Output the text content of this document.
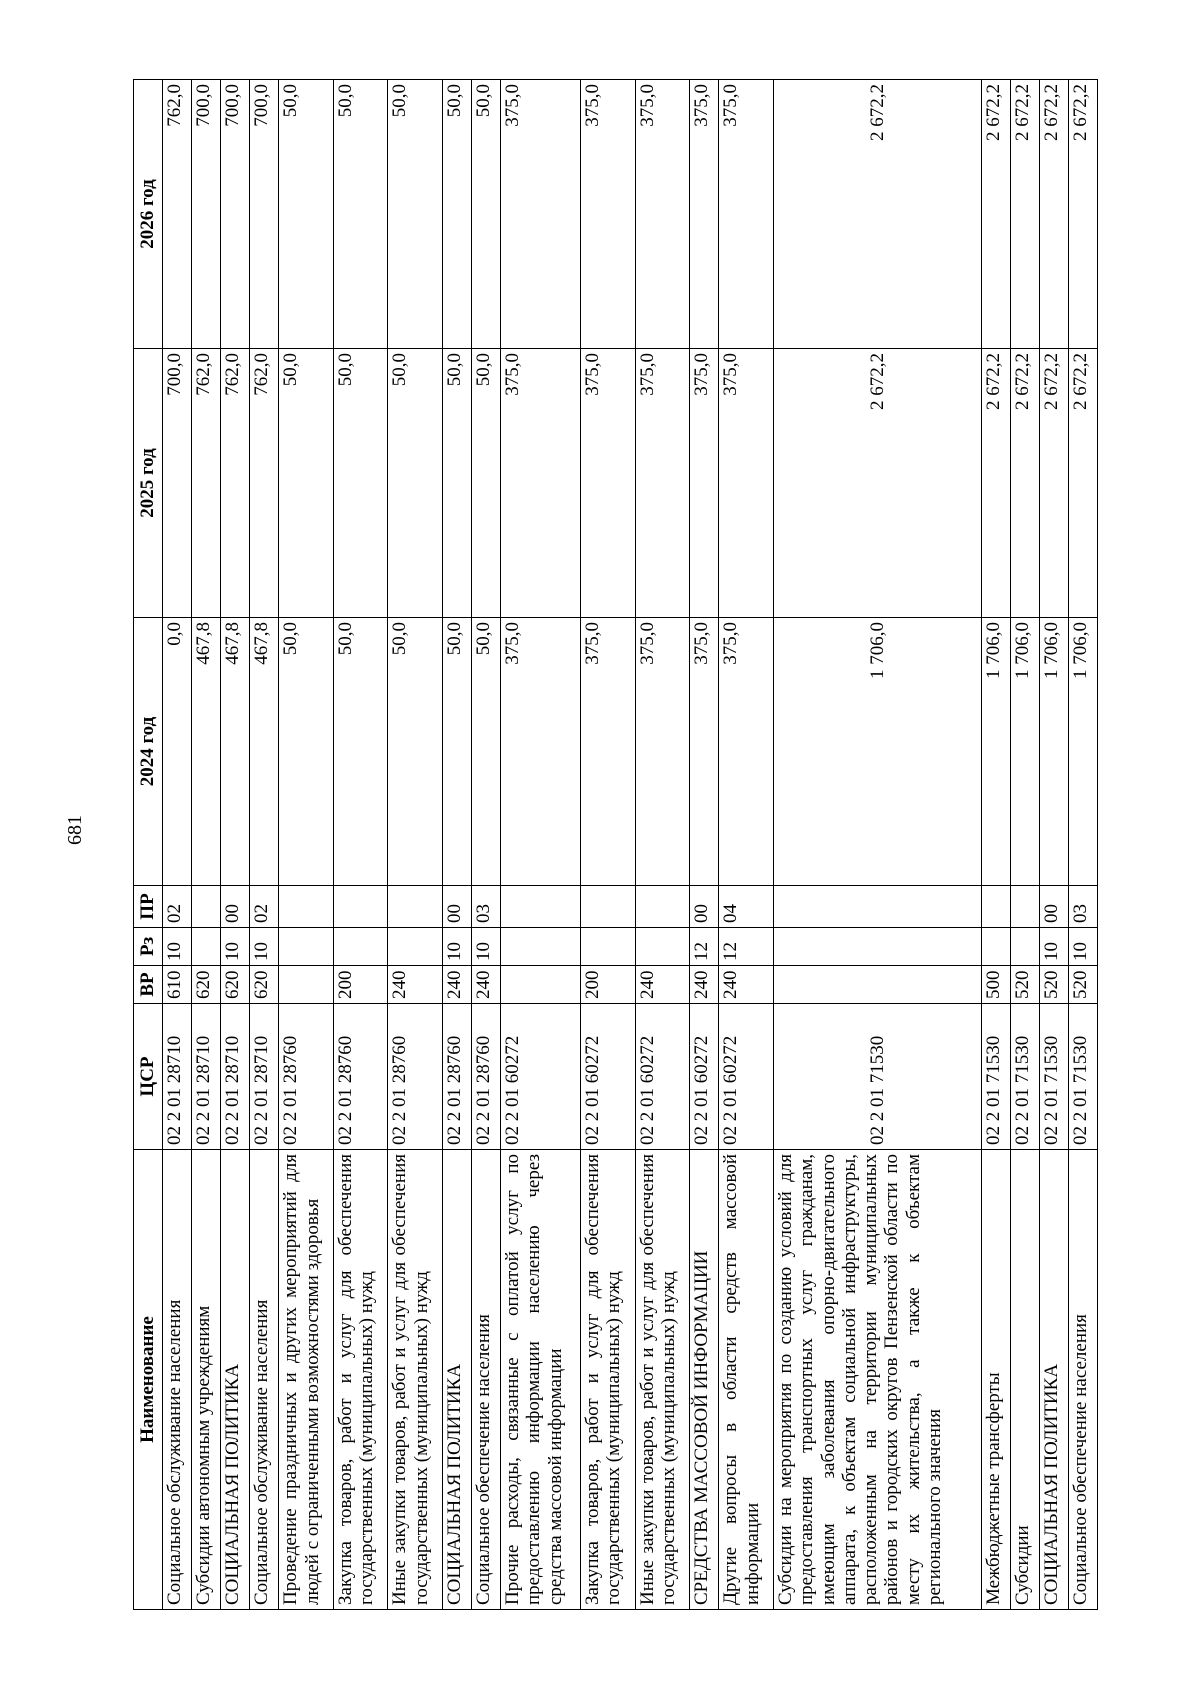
681
Наименование	ЦСР	ВР	Рз	ПР	2024 год	2025 год	2026 год
Социальное обслуживание населения	02 2 01 28710	610	10	02	0,0	700,0	762,0
Субсидии автономным учреждениям	02 2 01 28710	620			467,8	762,0	700,0
СОЦИАЛЬНАЯ ПОЛИТИКА	02 2 01 28710	620	10	00	467,8	762,0	700,0
Социальное обслуживание населения	02 2 01 28710	620	10	02	467,8	762,0	700,0
Проведение праздничных и других мероприятий для людей с ограниченными возможностями здоровья	02 2 01 28760				50,0	50,0	50,0
Закупка товаров, работ и услуг для обеспечения государственных (муниципальных) нужд	02 2 01 28760	200			50,0	50,0	50,0
Иные закупки товаров, работ и услуг для обеспечения государственных (муниципальных) нужд	02 2 01 28760	240			50,0	50,0	50,0
СОЦИАЛЬНАЯ ПОЛИТИКА	02 2 01 28760	240	10	00	50,0	50,0	50,0
Социальное обеспечение населения	02 2 01 28760	240	10	03	50,0	50,0	50,0
Прочие расходы, связанные с оплатой услуг по предоставлению информации населению через средства массовой информации	02 2 01 60272				375,0	375,0	375,0
Закупка товаров, работ и услуг для обеспечения государственных (муниципальных) нужд	02 2 01 60272	200			375,0	375,0	375,0
Иные закупки товаров, работ и услуг для обеспечения государственных (муниципальных) нужд	02 2 01 60272	240			375,0	375,0	375,0
СРЕДСТВА МАССОВОЙ ИНФОРМАЦИИ	02 2 01 60272	240	12	00	375,0	375,0	375,0
Другие вопросы в области средств массовой информации	02 2 01 60272	240	12	04	375,0	375,0	375,0
Субсидии на мероприятия по созданию условий для предоставления транспортных услуг гражданам, имеющим заболевания опорно-двигательного аппарата, к объектам социальной инфраструктуры, расположенным на территории муниципальных районов и городских округов Пензенской области по месту их жительства, а также к объектам регионального значения	02 2 01 71530				1 706,0	2 672,2	2 672,2
Межбюджетные трансферты	02 2 01 71530	500			1 706,0	2 672,2	2 672,2
Субсидии	02 2 01 71530	520			1 706,0	2 672,2	2 672,2
СОЦИАЛЬНАЯ ПОЛИТИКА	02 2 01 71530	520	10	00	1 706,0	2 672,2	2 672,2
Социальное обеспечение населения	02 2 01 71530	520	10	03	1 706,0	2 672,2	2 672,2
